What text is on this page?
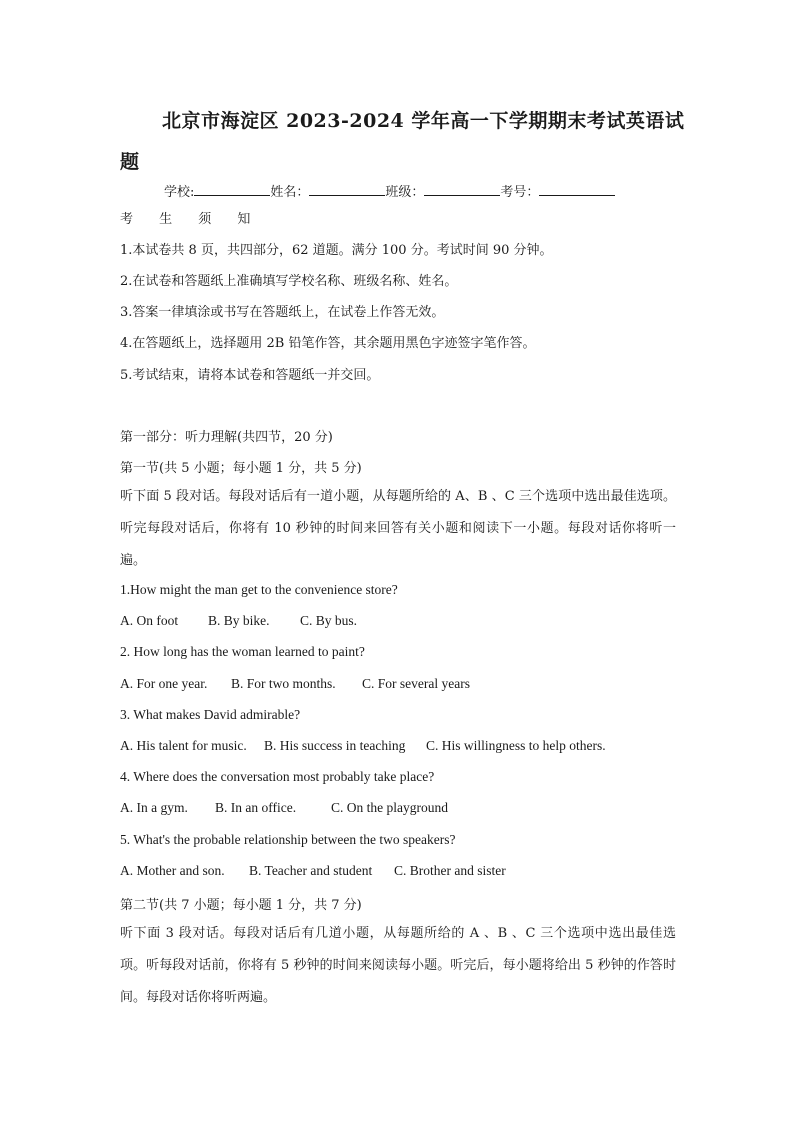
北京市海淀区 2023-2024 学年高一下学期期末考试英语试
题
学校:	姓名：	班级：	考号：
考 生 须 知
1.本试卷共 8 页，共四部分，62 道题。满分 100 分。考试时间 90 分钟。
2.在试卷和答题纸上准确填写学校名称、班级名称、姓名。
3.答案一律填涂或书写在答题纸上，在试卷上作答无效。
4.在答题纸上，选择题用 2B 铅笔作答，其余题用黑色字迹签字笔作答。
5.考试结束，请将本试卷和答题纸一并交回。
第一部分：听力理解(共四节，20 分)
第一节(共 5 小题；每小题 1 分，共 5 分)
听下面 5 段对话。每段对话后有一道小题，从每题所给的 A、B 、C 三个选项中选出最佳选项。 听完每段对话后，你将有 10 秒钟的时间来回答有关小题和阅读下一小题。每段对话你将听一遍。
1.How might the man get to the convenience store?
A. On foot B. By bike. C. By bus.
2. How long has the woman learned to paint?
A. For one year. B. For two months. C. For several years
3. What makes David admirable?
A. His talent for music. B. His success in teaching C. His willingness to help others.
4. Where does the conversation most probably take place?
A. In a gym. B. In an office.	C. On the playground
5. What's the probable relationship between the two speakers?
A. Mother and son. B. Teacher and student C. Brother and sister
第二节(共 7 小题；每小题 1 分，共 7 分)
听下面 3 段对话。每段对话后有几道小题，从每题所给的 A 、B 、C 三个选项中选出最佳选 项。听每段对话前，你将有 5 秒钟的时间来阅读每小题。听完后，每小题将给出 5 秒钟的作答时 间。每段对话你将听两遍。
